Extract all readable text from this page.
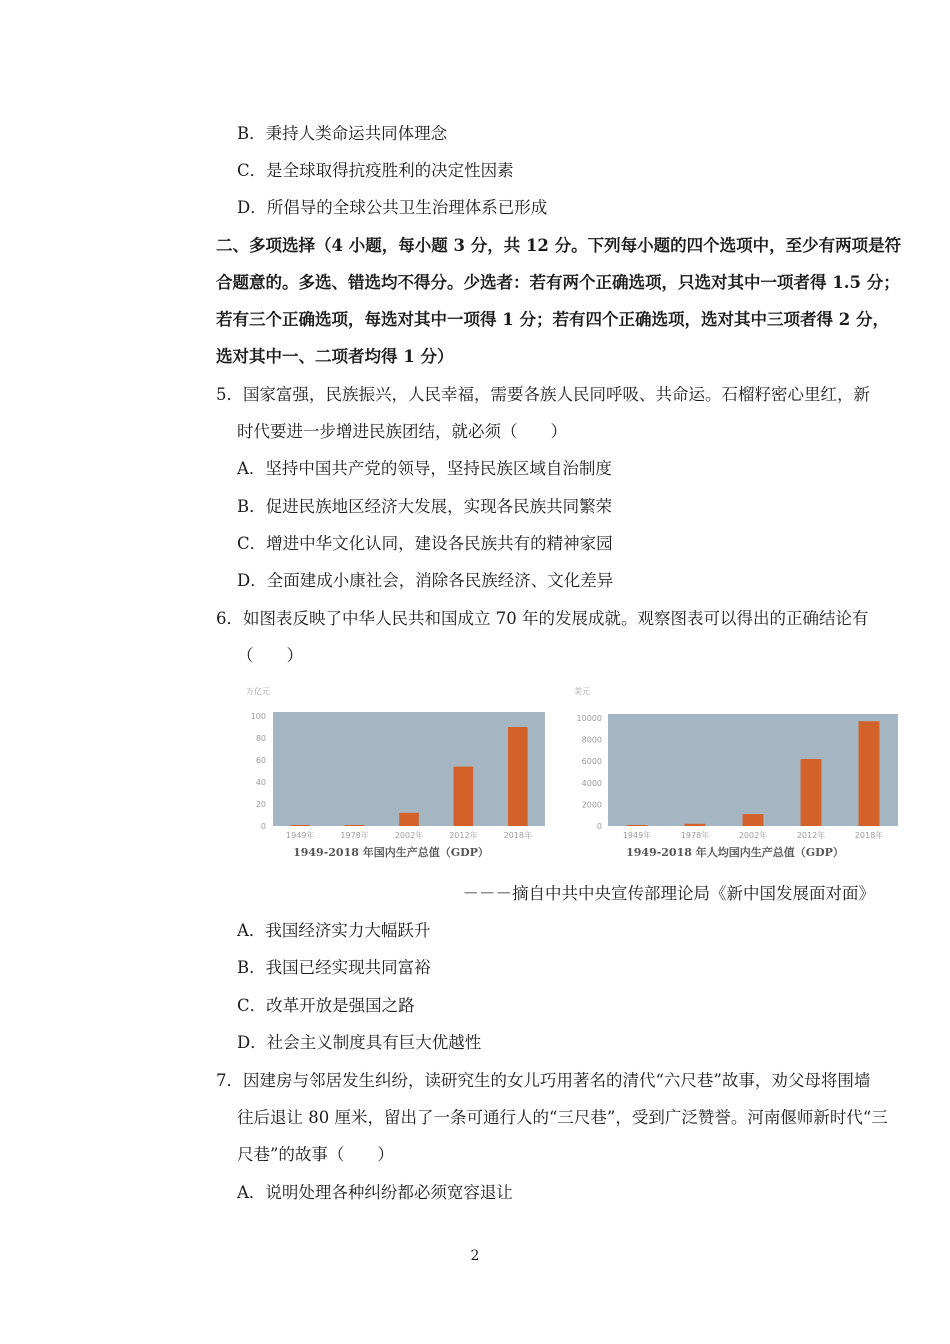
B．秉持人类命运共同体理念
C．是全球取得抗疫胜利的决定性因素
D．所倡导的全球公共卫生治理体系已形成
二、多项选择（4 小题，每小题 3 分，共 12 分。下列每小题的四个选项中，至少有两项是符
合题意的。多选、错选均不得分。少选者：若有两个正确选项，只选对其中一项者得 1.5 分；
若有三个正确选项，每选对其中一项得 1 分；若有四个正确选项，选对其中三项者得 2 分，
选对其中一、二项者均得 1 分）
5．国家富强，民族振兴，人民幸福，需要各族人民同呼吸、共命运。石榴籽密心里红，新
时代要进一步增进民族团结，就必须（　　）
A．坚持中国共产党的领导，坚持民族区域自治制度
B．促进民族地区经济大发展，实现各民族共同繁荣
C．增进中华文化认同，建设各民族共有的精神家园
D．全面建成小康社会，消除各民族经济、文化差异
6．如图表反映了中华人民共和国成立 70 年的发展成就。观察图表可以得出的正确结论有
（　　）
万亿元
0
20
40
60
80
100
1949年	1978年	2002年	2012年	2018年
1949-2018 年国内生产总值（GDP）
美元
0
2000
4000
6000
8000
10000
1949年	1978年	2002年	2012年	2018年
1949-2018 年人均国内生产总值（GDP）
－－－摘自中共中央宣传部理论局《新中国发展面对面》
A．我国经济实力大幅跃升
B．我国已经实现共同富裕
C．改革开放是强国之路
D．社会主义制度具有巨大优越性
7．因建房与邻居发生纠纷，读研究生的女儿巧用著名的清代“六尺巷”故事，劝父母将围墙
往后退让 80 厘米，留出了一条可通行人的“三尺巷”，受到广泛赞誉。河南偃师新时代“三
尺巷”的故事（　　）
A．说明处理各种纠纷都必须宽容退让
2
